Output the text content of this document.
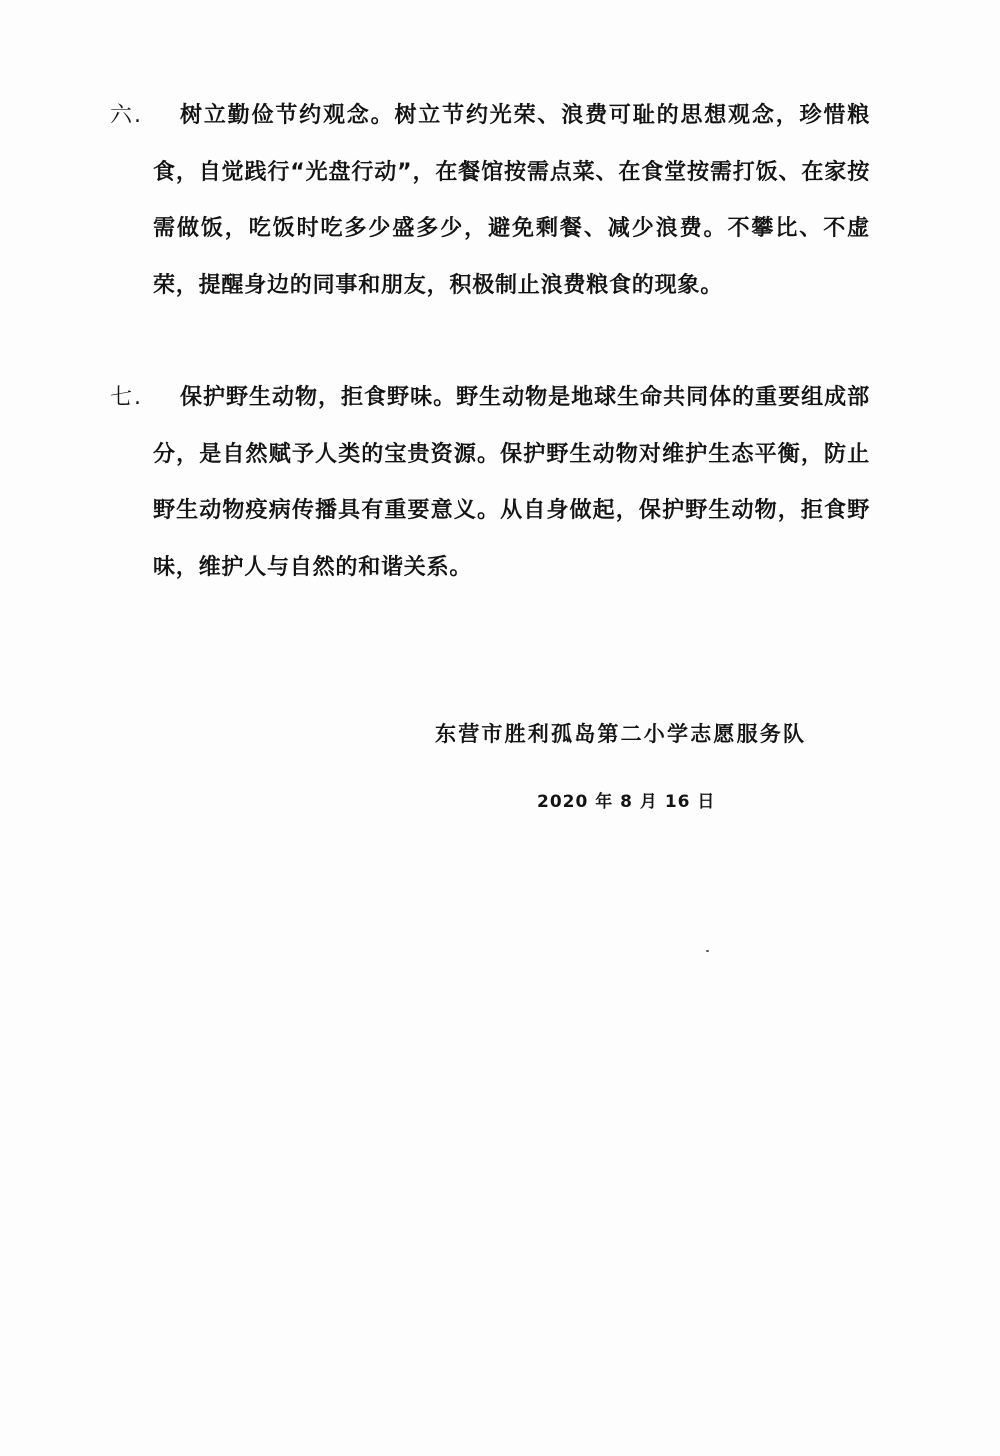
六.	树立勤俭节约观念。树立节约光荣、浪费可耻的思想观念，珍惜粮食，自觉践行“光盘行动”，在餐馆按需点菜、在食堂按需打饭、在家按需做饭，吃饭时吃多少盛多少，避免剩餐、减少浪费。不攀比、不虚荣，提醒身边的同事和朋友，积极制止浪费粮食的现象。
七.	保护野生动物，拒食野味。野生动物是地球生命共同体的重要组成部分，是自然赋予人类的宝贵资源。保护野生动物对维护生态平衡，防止野生动物疫病传播具有重要意义。从自身做起，保护野生动物，拒食野味，维护人与自然的和谐关系。
东营市胜利孤岛第二小学志愿服务队
2020 年 8 月 16 日
